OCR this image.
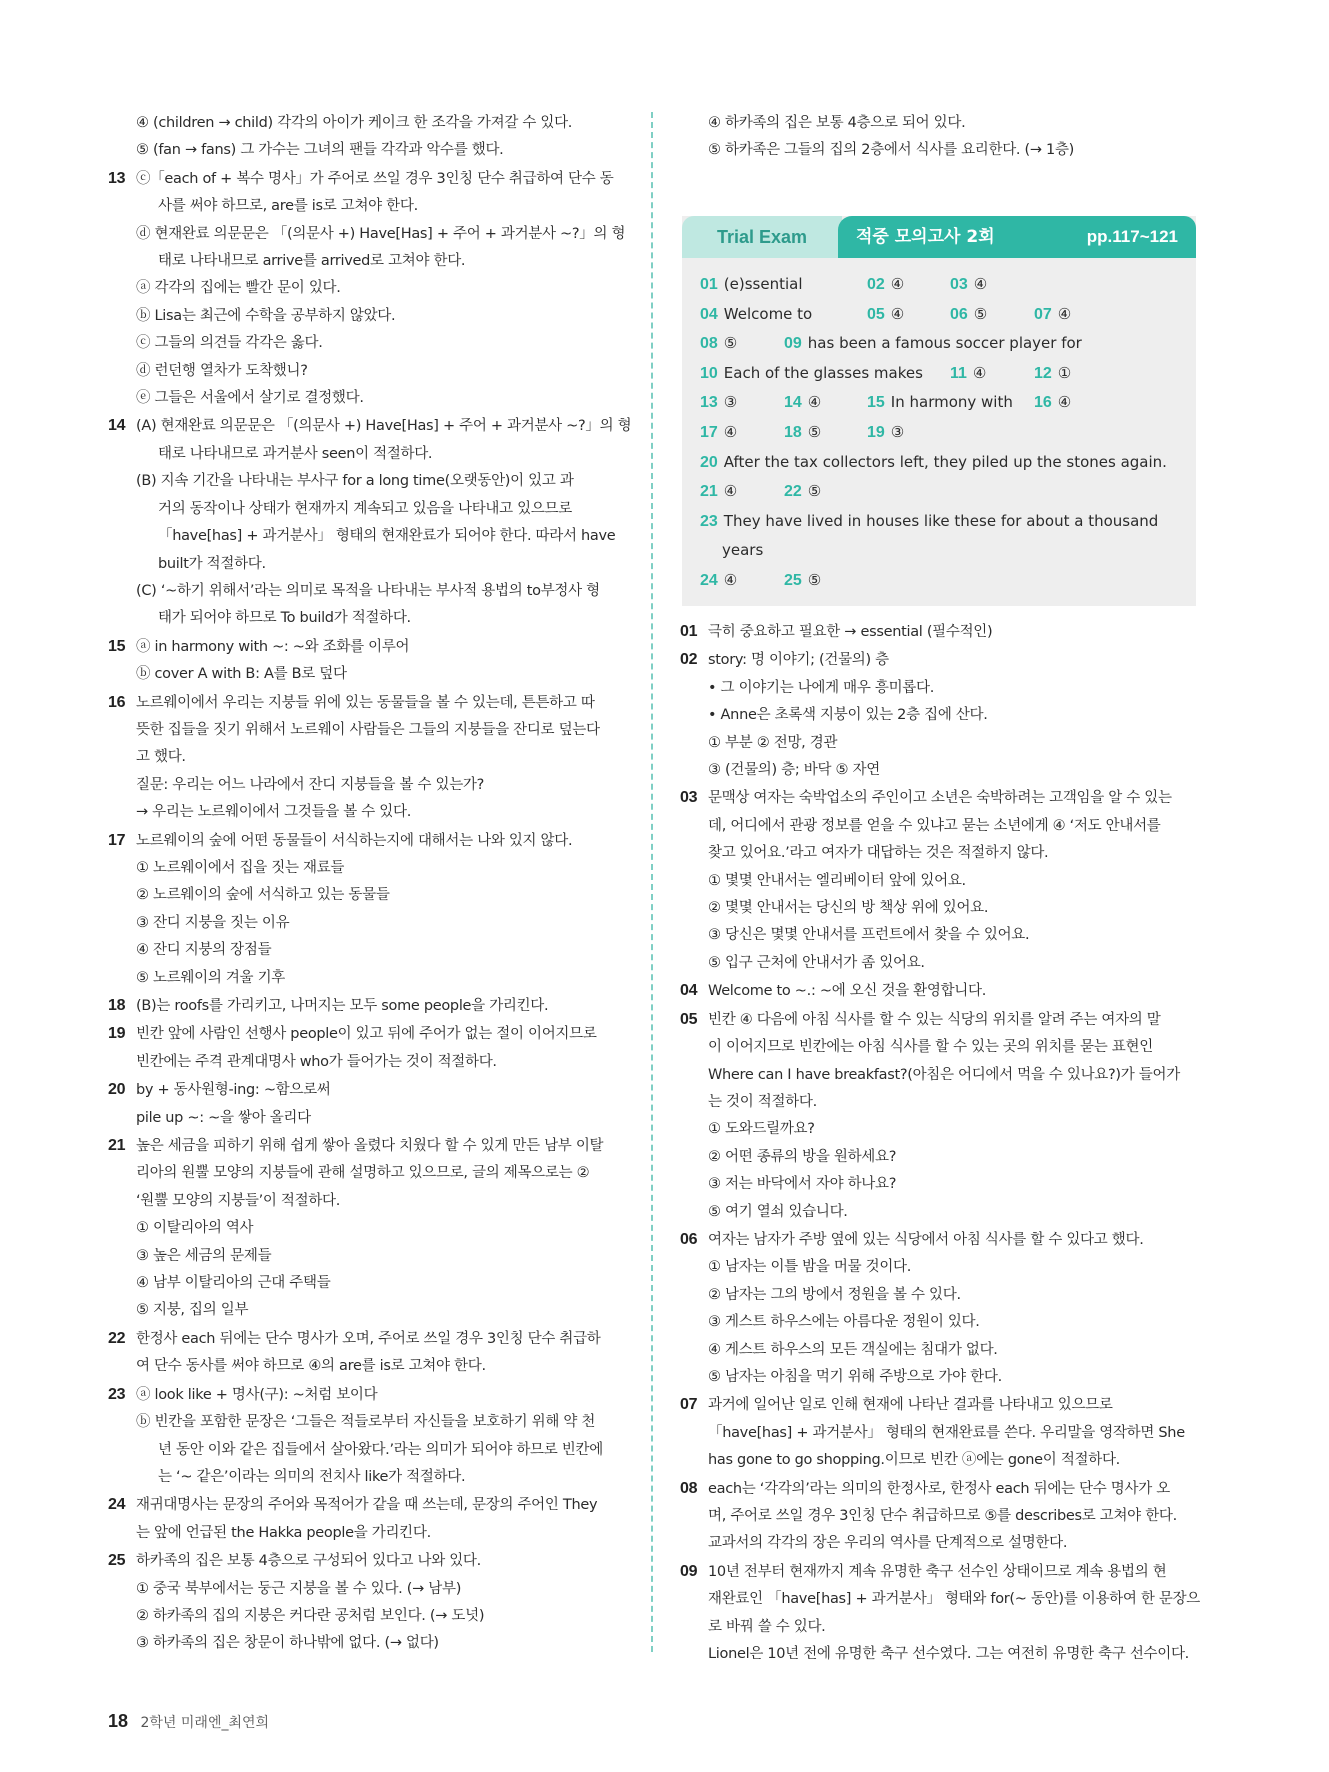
④ (children → child) 각각의 아이가 케이크 한 조각을 가져갈 수 있다.
⑤ (fan → fans) 그 가수는 그녀의 팬들 각각과 악수를 했다.
13 ⓒ「each of + 복수 명사」가 주어로 쓰일 경우 3인칭 단수 취급하여 단수 동
사를 써야 하므로, are를 is로 고쳐야 한다.
ⓓ 현재완료 의문문은 「(의문사 +) Have[Has] + 주어 + 과거분사 ~?」의 형
태로 나타내므로 arrive를 arrived로 고쳐야 한다.
ⓐ 각각의 집에는 빨간 문이 있다.
ⓑ Lisa는 최근에 수학을 공부하지 않았다.
ⓒ 그들의 의견들 각각은 옳다.
ⓓ 런던행 열차가 도착했니?
ⓔ 그들은 서울에서 살기로 결정했다.
14 (A) 현재완료 의문문은 「(의문사 +) Have[Has] + 주어 + 과거분사 ~?」의 형
태로 나타내므로 과거분사 seen이 적절하다.
(B) 지속 기간을 나타내는 부사구 for a long time(오랫동안)이 있고 과
거의 동작이나 상태가 현재까지 계속되고 있음을 나타내고 있으므로
「have[has] + 과거분사」 형태의 현재완료가 되어야 한다. 따라서 have
built가 적절하다.
(C) ‘~하기 위해서’라는 의미로 목적을 나타내는 부사적 용법의 to부정사 형
태가 되어야 하므로 To build가 적절하다.
15 ⓐ in harmony with ~: ~와 조화를 이루어
ⓑ cover A with B: A를 B로 덮다
16 노르웨이에서 우리는 지붕들 위에 있는 동물들을 볼 수 있는데, 튼튼하고 따
뜻한 집들을 짓기 위해서 노르웨이 사람들은 그들의 지붕들을 잔디로 덮는다
고 했다.
질문: 우리는 어느 나라에서 잔디 지붕들을 볼 수 있는가?
→ 우리는 노르웨이에서 그것들을 볼 수 있다.
17 노르웨이의 숲에 어떤 동물들이 서식하는지에 대해서는 나와 있지 않다.
① 노르웨이에서 집을 짓는 재료들
② 노르웨이의 숲에 서식하고 있는 동물들
③ 잔디 지붕을 짓는 이유
④ 잔디 지붕의 장점들
⑤ 노르웨이의 겨울 기후
18 (B)는 roofs를 가리키고, 나머지는 모두 some people을 가리킨다.
19 빈칸 앞에 사람인 선행사 people이 있고 뒤에 주어가 없는 절이 이어지므로
빈칸에는 주격 관계대명사 who가 들어가는 것이 적절하다.
20 by + 동사원형-ing: ~함으로써
pile up ~: ~을 쌓아 올리다
21 높은 세금을 피하기 위해 쉽게 쌓아 올렸다 치웠다 할 수 있게 만든 남부 이탈
리아의 원뿔 모양의 지붕들에 관해 설명하고 있으므로, 글의 제목으로는 ②
‘원뿔 모양의 지붕들’이 적절하다.
① 이탈리아의 역사
③ 높은 세금의 문제들
④ 남부 이탈리아의 근대 주택들
⑤ 지붕, 집의 일부
22 한정사 each 뒤에는 단수 명사가 오며, 주어로 쓰일 경우 3인칭 단수 취급하
여 단수 동사를 써야 하므로 ④의 are를 is로 고쳐야 한다.
23 ⓐ look like + 명사(구): ~처럼 보이다
ⓑ 빈칸을 포함한 문장은 ‘그들은 적들로부터 자신들을 보호하기 위해 약 천
년 동안 이와 같은 집들에서 살아왔다.’라는 의미가 되어야 하므로 빈칸에
는 ‘~ 같은’이라는 의미의 전치사 like가 적절하다.
24 재귀대명사는 문장의 주어와 목적어가 같을 때 쓰는데, 문장의 주어인 They
는 앞에 언급된 the Hakka people을 가리킨다.
25 하카족의 집은 보통 4층으로 구성되어 있다고 나와 있다.
① 중국 북부에서는 둥근 지붕을 볼 수 있다. (→ 남부)
② 하카족의 집의 지붕은 커다란 공처럼 보인다. (→ 도넛)
③ 하카족의 집은 창문이 하나밖에 없다. (→ 없다)
④ 하카족의 집은 보통 4층으로 되어 있다.
⑤ 하카족은 그들의 집의 2층에서 식사를 요리한다. (→ 1층)
Trial Exam	적중 모의고사 2회	pp.117~121
01 (e)ssential	02 ④	03 ④
04 Welcome to	05 ④	06 ⑤	07 ④
08 ⑤	09 has been a famous soccer player for
10 Each of the glasses makes 11 ④	12 ①
13 ③	14 ④	15 In harmony with 16 ④
17 ④	18 ⑤	19 ③
20 After the tax collectors left, they piled up the stones again.
21 ④	22 ⑤
23 They have lived in houses like these for about a thousand
years
24 ④	25 ⑤
01 극히 중요하고 필요한 → essential (필수적인)
02 story: 명 이야기; (건물의) 층
• 그 이야기는 나에게 매우 흥미롭다.
• Anne은 초록색 지붕이 있는 2층 집에 산다.
① 부분 ② 전망, 경관
③ (건물의) 층; 바닥 ⑤ 자연
03 문맥상 여자는 숙박업소의 주인이고 소년은 숙박하려는 고객임을 알 수 있는
데, 어디에서 관광 정보를 얻을 수 있냐고 묻는 소년에게 ④ ‘저도 안내서를
찾고 있어요.’라고 여자가 대답하는 것은 적절하지 않다.
① 몇몇 안내서는 엘리베이터 앞에 있어요.
② 몇몇 안내서는 당신의 방 책상 위에 있어요.
③ 당신은 몇몇 안내서를 프런트에서 찾을 수 있어요.
⑤ 입구 근처에 안내서가 좀 있어요.
04 Welcome to ~.: ~에 오신 것을 환영합니다.
05 빈칸 ④ 다음에 아침 식사를 할 수 있는 식당의 위치를 알려 주는 여자의 말
이 이어지므로 빈칸에는 아침 식사를 할 수 있는 곳의 위치를 묻는 표현인
Where can I have breakfast?(아침은 어디에서 먹을 수 있나요?)가 들어가
는 것이 적절하다.
① 도와드릴까요?
② 어떤 종류의 방을 원하세요?
③ 저는 바닥에서 자야 하나요?
⑤ 여기 열쇠 있습니다.
06 여자는 남자가 주방 옆에 있는 식당에서 아침 식사를 할 수 있다고 했다.
① 남자는 이틀 밤을 머물 것이다.
② 남자는 그의 방에서 정원을 볼 수 있다.
③ 게스트 하우스에는 아름다운 정원이 있다.
④ 게스트 하우스의 모든 객실에는 침대가 없다.
⑤ 남자는 아침을 먹기 위해 주방으로 가야 한다.
07 과거에 일어난 일로 인해 현재에 나타난 결과를 나타내고 있으므로
「have[has] + 과거분사」 형태의 현재완료를 쓴다. 우리말을 영작하면 She
has gone to go shopping.이므로 빈칸 ⓐ에는 gone이 적절하다.
08 each는 ‘각각의’라는 의미의 한정사로, 한정사 each 뒤에는 단수 명사가 오
며, 주어로 쓰일 경우 3인칭 단수 취급하므로 ⑤를 describes로 고쳐야 한다.
교과서의 각각의 장은 우리의 역사를 단계적으로 설명한다.
09 10년 전부터 현재까지 계속 유명한 축구 선수인 상태이므로 계속 용법의 현
재완료인 「have[has] + 과거분사」 형태와 for(~ 동안)를 이용하여 한 문장으
로 바꿔 쓸 수 있다.
Lionel은 10년 전에 유명한 축구 선수였다. 그는 여전히 유명한 축구 선수이다.
18 2학년 미래엔_최연희
